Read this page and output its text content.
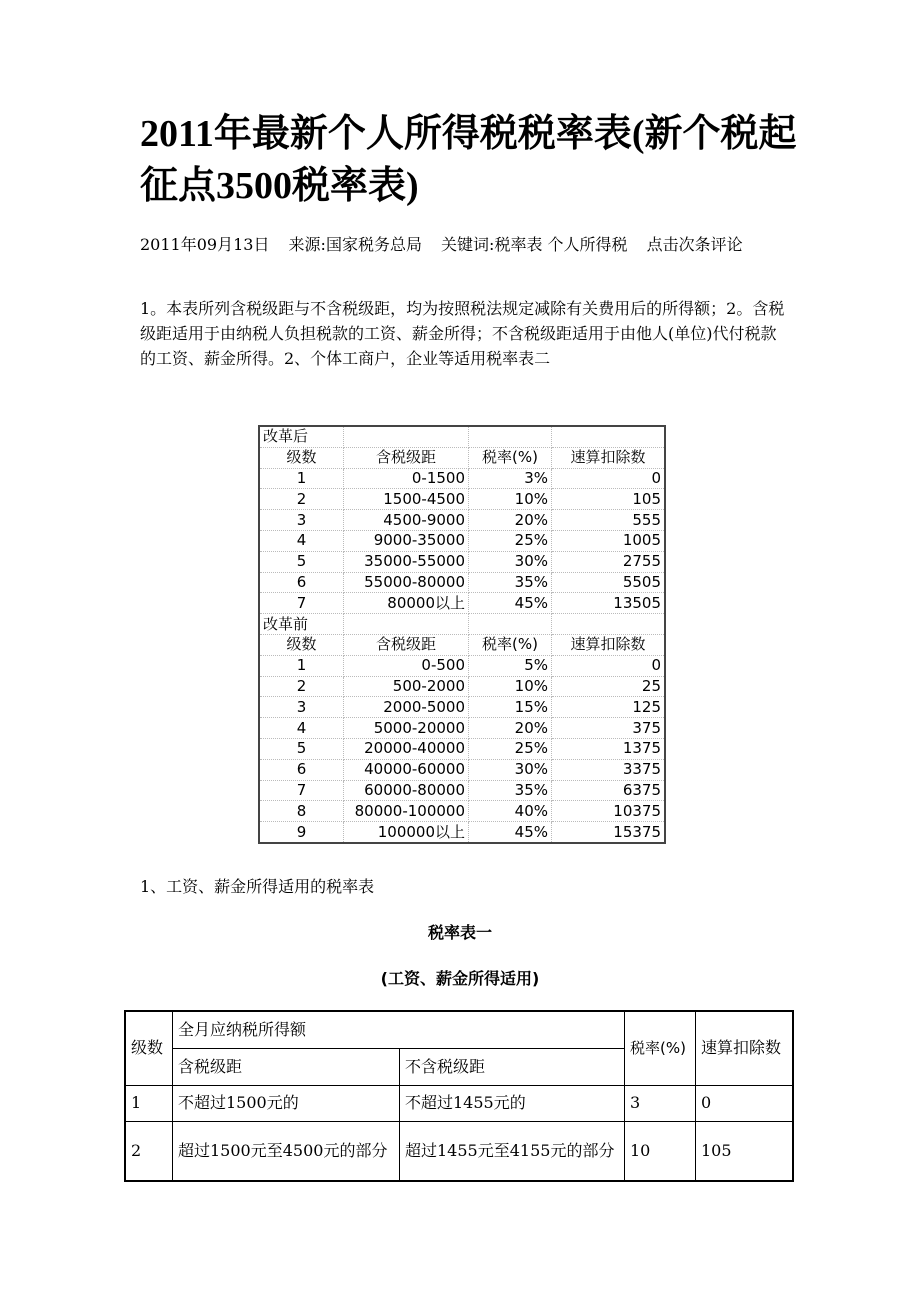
2011年最新个人所得税税率表(新个税起征点3500税率表)
2011年09月13日 来源:国家税务总局 关键词:税率表 个人所得税 点击次条评论
1。本表所列含税级距与不含税级距，均为按照税法规定减除有关费用后的所得额；2。含税级距适用于由纳税人负担税款的工资、薪金所得；不含税级距适用于由他人(单位)代付税款的工资、薪金所得。2、个体工商户，企业等适用税率表二
改革后			
级数	含税级距	税率(%)	速算扣除数
1	0-1500	3%	0
2	1500-4500	10%	105
3	4500-9000	20%	555
4	9000-35000	25%	1005
5	35000-55000	30%	2755
6	55000-80000	35%	5505
7	80000以上	45%	13505
改革前			
级数	含税级距	税率(%)	速算扣除数
1	0-500	5%	0
2	500-2000	10%	25
3	2000-5000	15%	125
4	5000-20000	20%	375
5	20000-40000	25%	1375
6	40000-60000	30%	3375
7	60000-80000	35%	6375
8	80000-100000	40%	10375
9	100000以上	45%	15375
1、工资、薪金所得适用的税率表
税率表一
(工资、薪金所得适用)
级数	全月应纳税所得额		税率(%)	速算扣除数
	含税级距	不含税级距		
1	不超过1500元的	不超过1455元的	3	0
2	超过1500元至4500元的部分	超过1455元至4155元的部分	10	105
